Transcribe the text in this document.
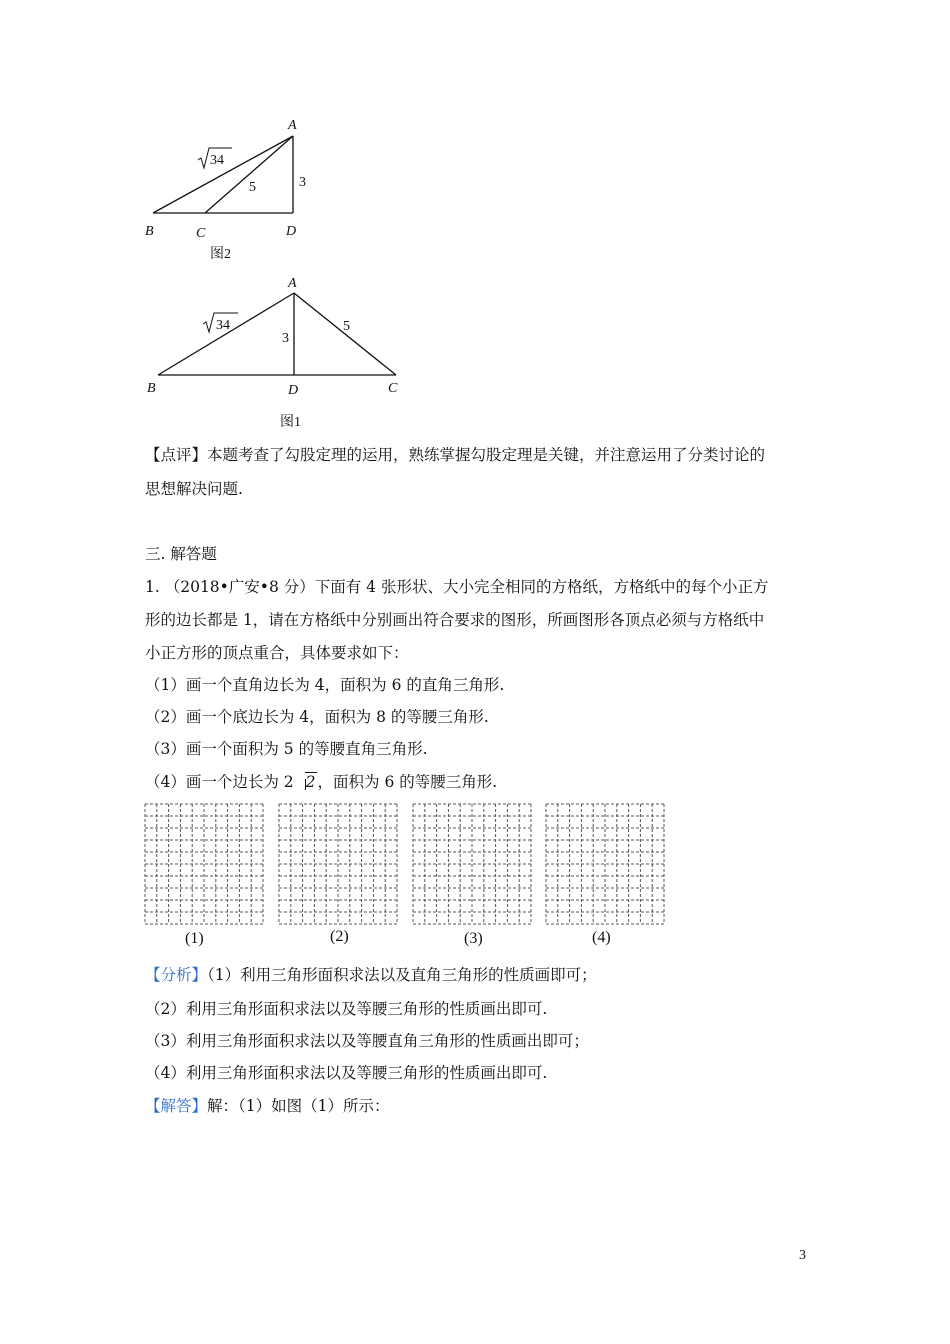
A
B	C	D
34
5	3
图2
A
B	D	C
34
3
5
图1
【点评】本题考查了勾股定理的运用，熟练掌握勾股定理是关键，并注意运用了分类讨论的
思想解决问题.
三. 解答题
1. （2018•广安•8 分）下面有 4 张形状、大小完全相同的方格纸，方格纸中的每个小正方
形的边长都是 1，请在方格纸中分别画出符合要求的图形，所画图形各顶点必须与方格纸中
小正方形的顶点重合，具体要求如下：
（1）画一个直角边长为 4，面积为 6 的直角三角形.
（2）画一个底边长为 4，面积为 8 的等腰三角形.
（3）画一个面积为 5 的等腰直角三角形.
（4）画一个边长为 2 2 ，面积为 6 的等腰三角形.
(1)	(2)	(3)	(4)
【分析】（1）利用三角形面积求法以及直角三角形的性质画即可；
（2）利用三角形面积求法以及等腰三角形的性质画出即可.
（3）利用三角形面积求法以及等腰直角三角形的性质画出即可；
（4）利用三角形面积求法以及等腰三角形的性质画出即可.
【解答】解：（1）如图（1）所示：
3
